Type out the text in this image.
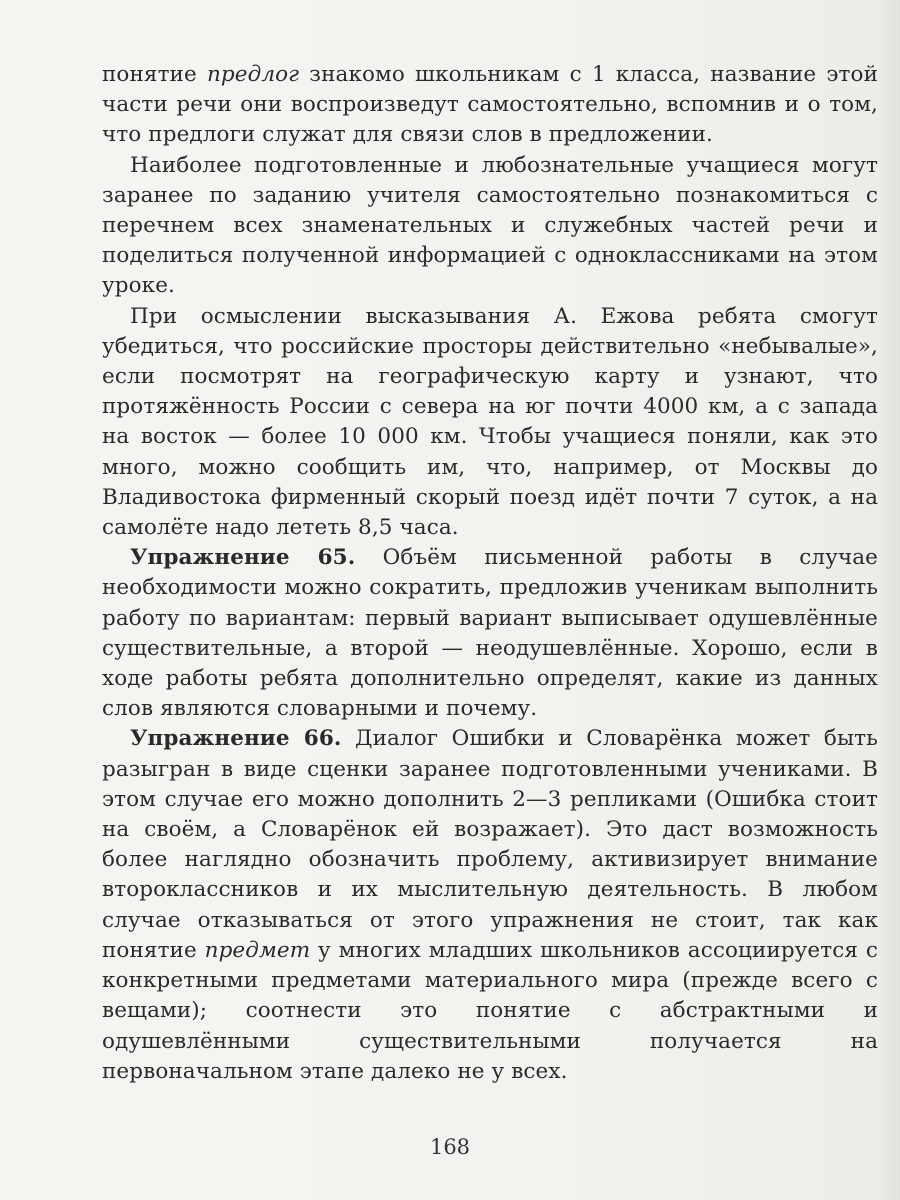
понятие предлог знакомо школьникам с 1 класса, название этой части речи они воспроизведут самостоятельно, вспомнив и о том, что предлоги служат для связи слов в предложении.

Наиболее подготовленные и любознательные учащиеся могут заранее по заданию учителя самостоятельно познакомиться с перечнем всех знаменательных и служебных частей речи и поделиться полученной информацией с одноклассниками на этом уроке.

При осмыслении высказывания А. Ежова ребята смогут убедиться, что российские просторы действительно «небывалые», если посмотрят на географическую карту и узнают, что протяжённость России с севера на юг почти 4000 км, а с запада на восток — более 10 000 км. Чтобы учащиеся поняли, как это много, можно сообщить им, что, например, от Москвы до Владивостока фирменный скорый поезд идёт почти 7 суток, а на самолёте надо лететь 8,5 часа.

Упражнение 65. Объём письменной работы в случае необходимости можно сократить, предложив ученикам выполнить работу по вариантам: первый вариант выписывает одушевлённые существительные, а второй — неодушевлённые. Хорошо, если в ходе работы ребята дополнительно определят, какие из данных слов являются словарными и почему.

Упражнение 66. Диалог Ошибки и Словарёнка может быть разыгран в виде сценки заранее подготовленными учениками. В этом случае его можно дополнить 2—3 репликами (Ошибка стоит на своём, а Словарёнок ей возражает). Это даст возможность более наглядно обозначить проблему, активизирует внимание второклассников и их мыслительную деятельность. В любом случае отказываться от этого упражнения не стоит, так как понятие предмет у многих младших школьников ассоциируется с конкретными предметами материального мира (прежде всего с вещами); соотнести это понятие с абстрактными и одушевлёнными существительными получается на первоначальном этапе далеко не у всех.

168
